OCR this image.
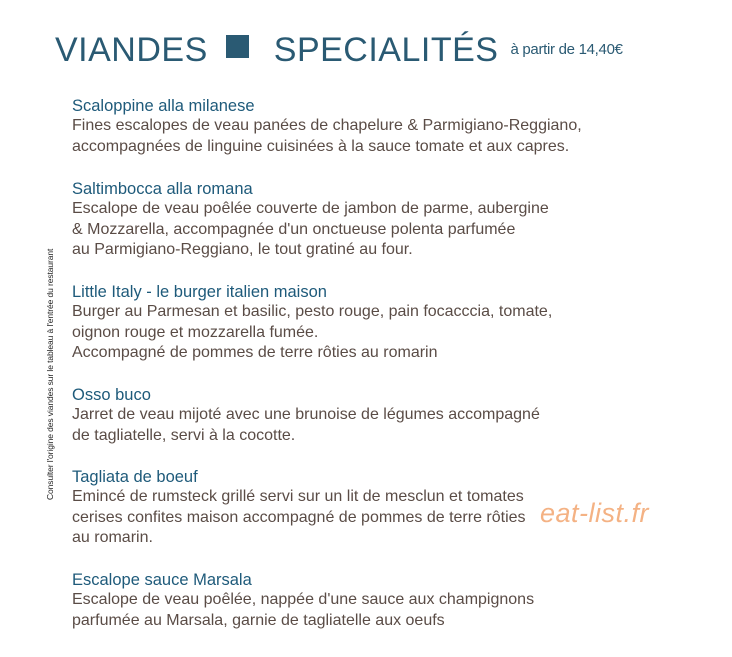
VIANDES SPECIALITÉS à partir de 14,40€
Consulter l'origine des viandes sur le tableau à l'entrée du restaurant
Scaloppine alla milanese

Fines escalopes de veau panées de chapelure & Parmigiano-Reggiano,
accompagnées de linguine cuisinées à la sauce tomate et aux capres.

Saltimbocca alla romana

Escalope de veau poêlée couverte de jambon de parme, aubergine
& Mozzarella, accompagnée d'un onctueuse polenta parfumée
au Parmigiano-Reggiano, le tout gratiné au four.

Little Italy - le burger italien maison

Burger au Parmesan et basilic, pesto rouge, pain focacccia, tomate,
oignon rouge et mozzarella fumée.
Accompagné de pommes de terre rôties au romarin

Osso buco

Jarret de veau mijoté avec une brunoise de légumes accompagné
de tagliatelle, servi à la cocotte.

Tagliata de boeuf

Emincé de rumsteck grillé servi sur un lit de mesclun et tomates
cerises confites maison accompagné de pommes de terre rôties
au romarin.

Escalope sauce Marsala

Escalope de veau poêlée, nappée d'une sauce aux champignons
parfumée au Marsala, garnie de tagliatelle aux oeufs

eat-list.fr
